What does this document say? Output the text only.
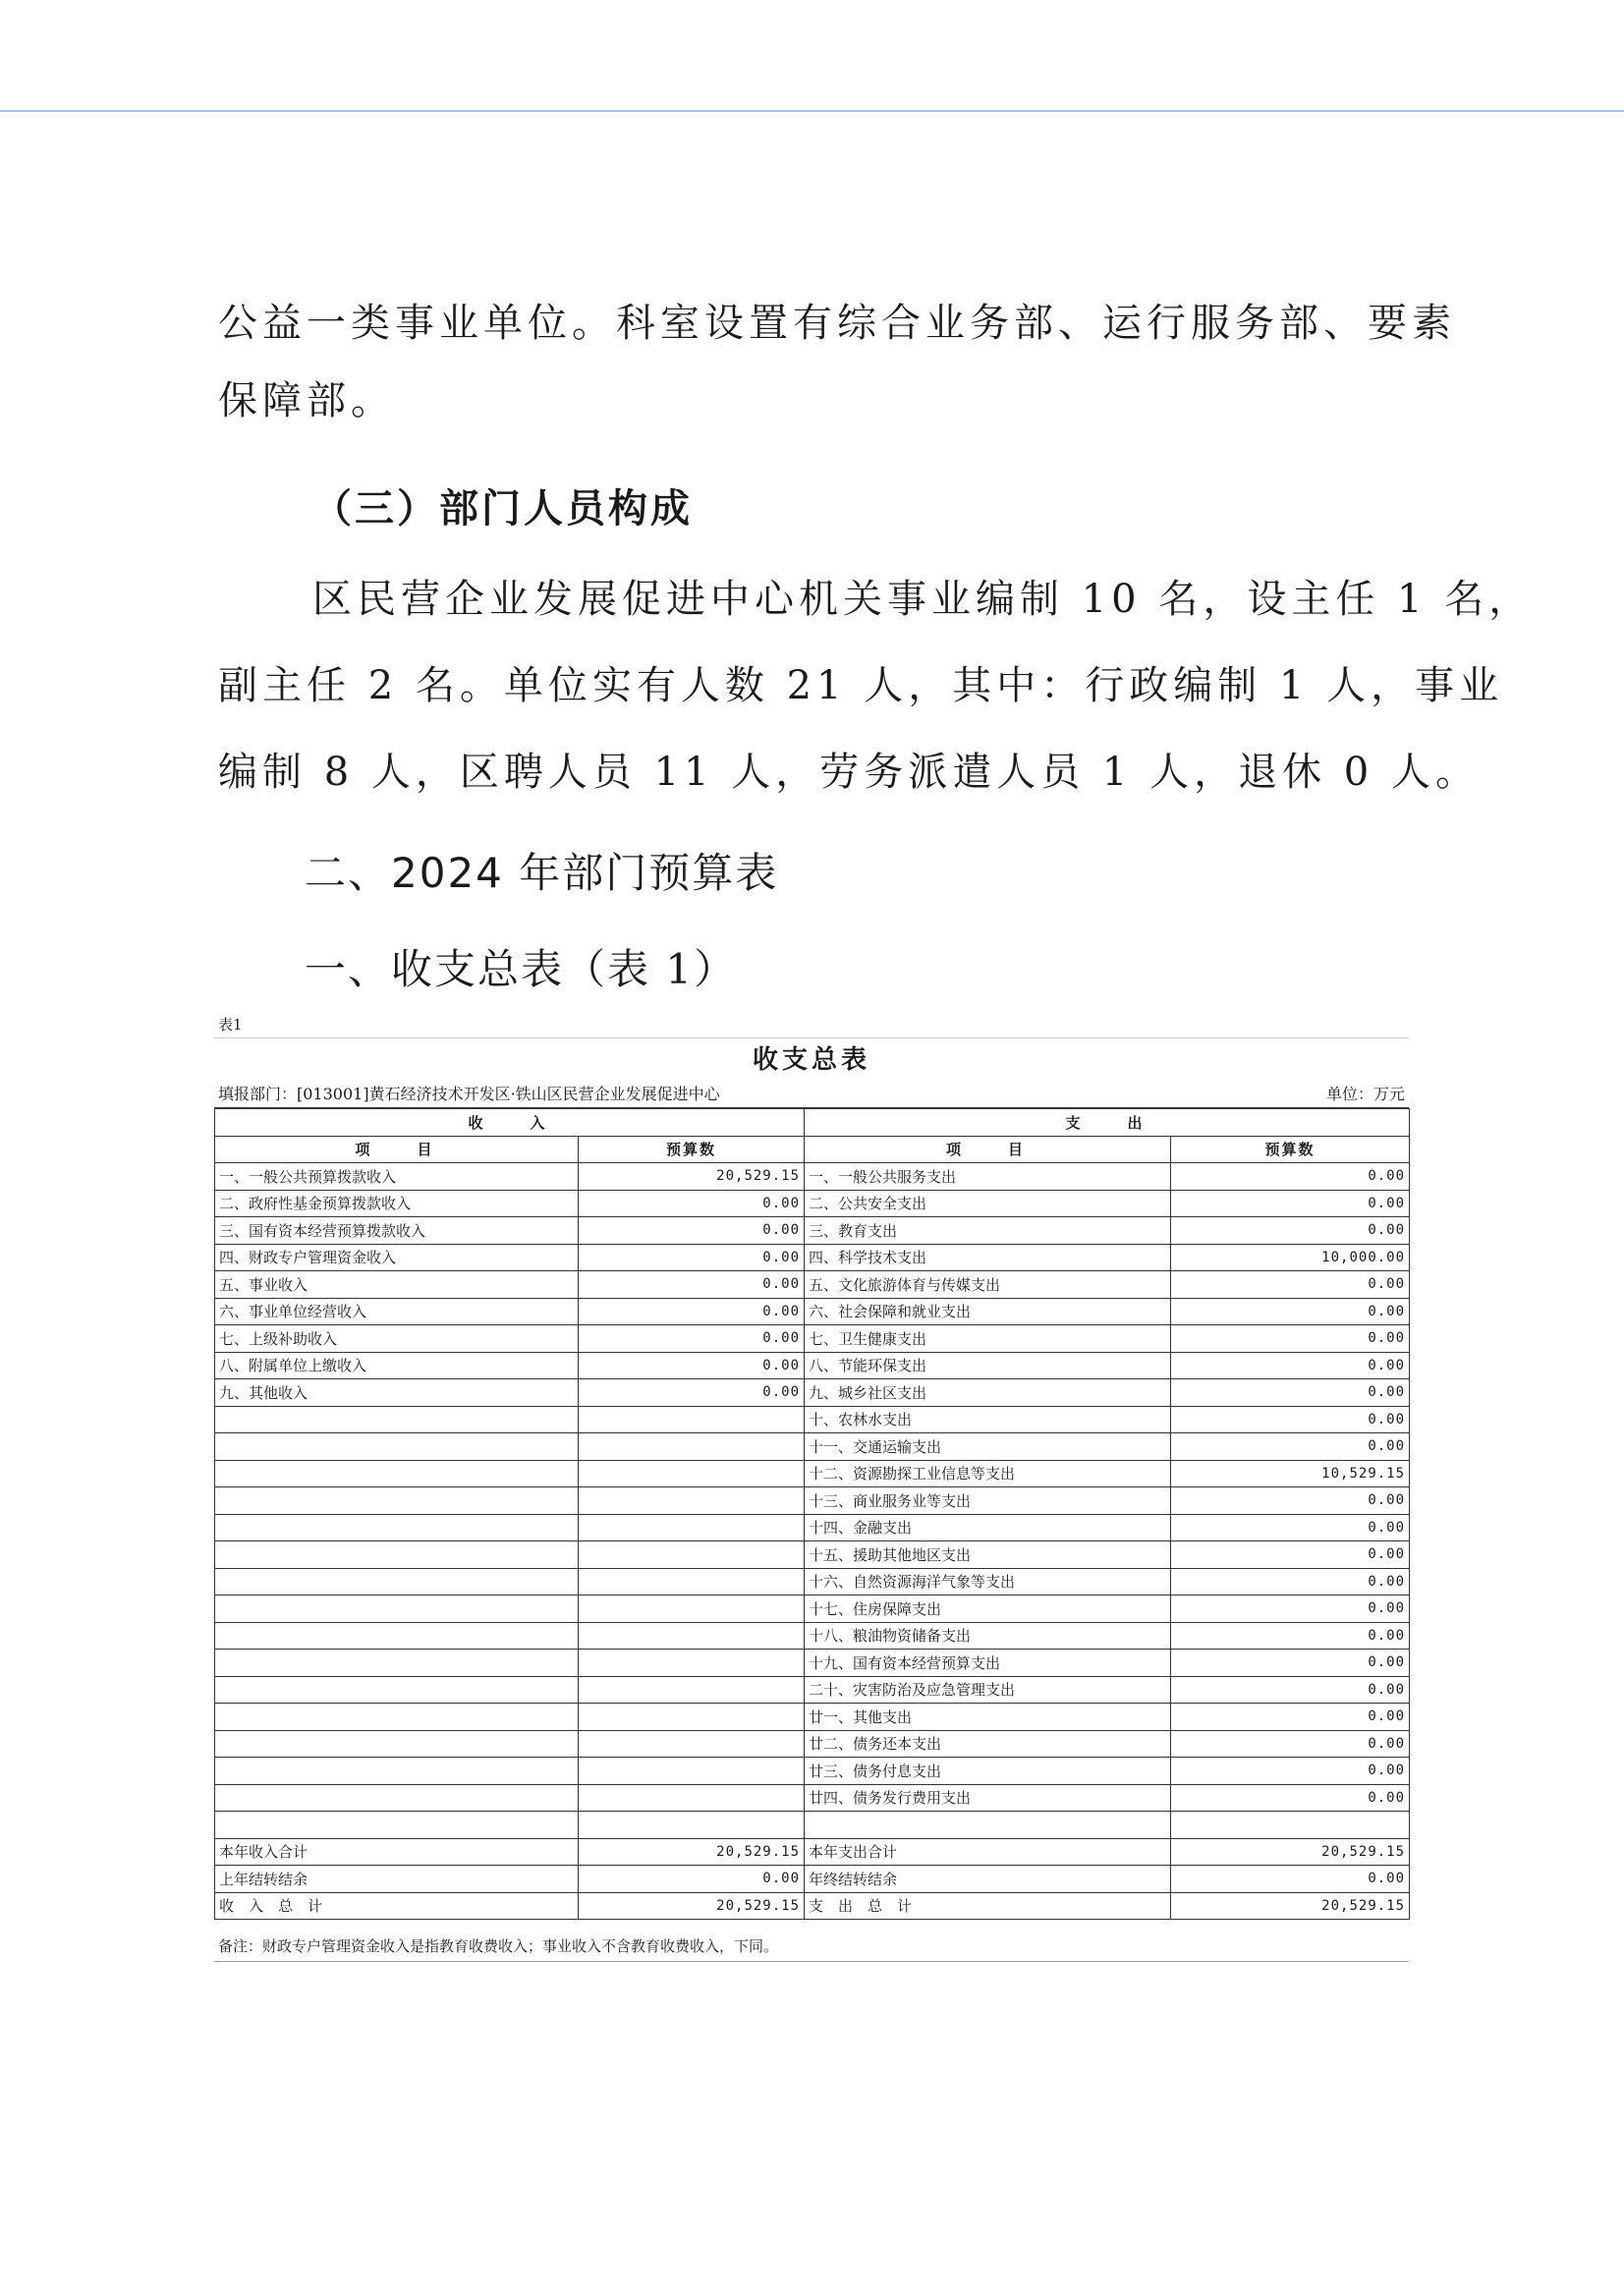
公益一类事业单位。科室设置有综合业务部、运行服务部、要素
保障部。
（三）部门人员构成
区民营企业发展促进中心机关事业编制 10 名，设主任 1 名，
副主任 2 名。单位实有人数 21 人，其中：行政编制 1 人，事业
编制 8 人，区聘人员 11 人，劳务派遣人员 1 人，退休 0 人。
二、2024 年部门预算表
一、收支总表（表 1）
表1
收支总表
填报部门：[013001]黄石经济技术开发区·铁山区民营企业发展促进中心	单位：万元
收　　入		支　　出	
项　　目	预算数	项　　目	预算数
一、一般公共预算拨款收入	20,529.15	一、一般公共服务支出	0.00
二、政府性基金预算拨款收入	0.00	二、公共安全支出	0.00
三、国有资本经营预算拨款收入	0.00	三、教育支出	0.00
四、财政专户管理资金收入	0.00	四、科学技术支出	10,000.00
五、事业收入	0.00	五、文化旅游体育与传媒支出	0.00
六、事业单位经营收入	0.00	六、社会保障和就业支出	0.00
七、上级补助收入	0.00	七、卫生健康支出	0.00
八、附属单位上缴收入	0.00	八、节能环保支出	0.00
九、其他收入	0.00	九、城乡社区支出	0.00
		十、农林水支出	0.00
		十一、交通运输支出	0.00
		十二、资源勘探工业信息等支出	10,529.15
		十三、商业服务业等支出	0.00
		十四、金融支出	0.00
		十五、援助其他地区支出	0.00
		十六、自然资源海洋气象等支出	0.00
		十七、住房保障支出	0.00
		十八、粮油物资储备支出	0.00
		十九、国有资本经营预算支出	0.00
		二十、灾害防治及应急管理支出	0.00
		廿一、其他支出	0.00
		廿二、债务还本支出	0.00
		廿三、债务付息支出	0.00
		廿四、债务发行费用支出	0.00

本年收入合计	20,529.15	本年支出合计	20,529.15
上年结转结余	0.00	年终结转结余	0.00
收　入　总　计	20,529.15	支　出　总　计	20,529.15
备注：财政专户管理资金收入是指教育收费收入；事业收入不含教育收费收入，下同。
